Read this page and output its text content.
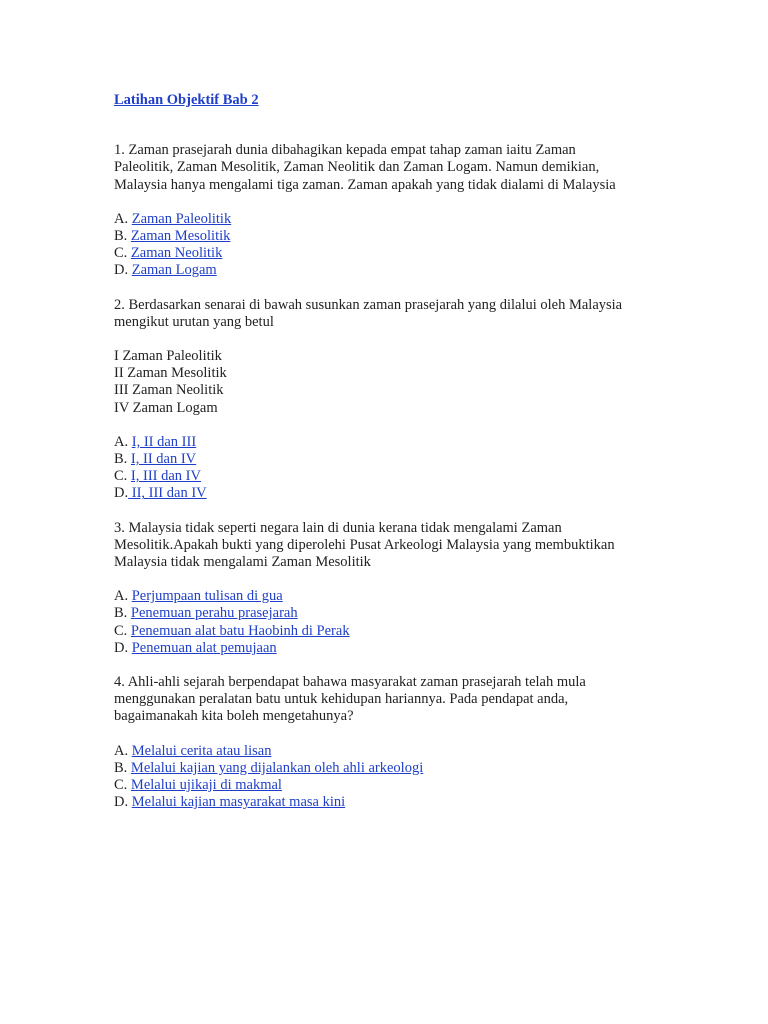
Latihan Objektif Bab 2
1. Zaman prasejarah dunia dibahagikan kepada empat tahap zaman iaitu Zaman
Paleolitik, Zaman Mesolitik, Zaman Neolitik dan Zaman Logam. Namun demikian,
Malaysia hanya mengalami tiga zaman. Zaman apakah yang tidak dialami di Malaysia
A. Zaman Paleolitik
B. Zaman Mesolitik
C. Zaman Neolitik
D. Zaman Logam
2. Berdasarkan senarai di bawah susunkan zaman prasejarah yang dilalui oleh Malaysia
mengikut urutan yang betul
I Zaman Paleolitik
II Zaman Mesolitik
III Zaman Neolitik
IV Zaman Logam
A. I, II dan III
B. I, II dan IV
C. I, III dan IV
D. II, III dan IV
3. Malaysia tidak seperti negara lain di dunia kerana tidak mengalami Zaman
Mesolitik.Apakah bukti yang diperolehi Pusat Arkeologi Malaysia yang membuktikan
Malaysia tidak mengalami Zaman Mesolitik
A. Perjumpaan tulisan di gua
B. Penemuan perahu prasejarah
C. Penemuan alat batu Haobinh di Perak
D. Penemuan alat pemujaan
4. Ahli-ahli sejarah berpendapat bahawa masyarakat zaman prasejarah telah mula
menggunakan peralatan batu untuk kehidupan hariannya. Pada pendapat anda,
bagaimanakah kita boleh mengetahunya?
A. Melalui cerita atau lisan
B. Melalui kajian yang dijalankan oleh ahli arkeologi
C. Melalui ujikaji di makmal
D. Melalui kajian masyarakat masa kini
